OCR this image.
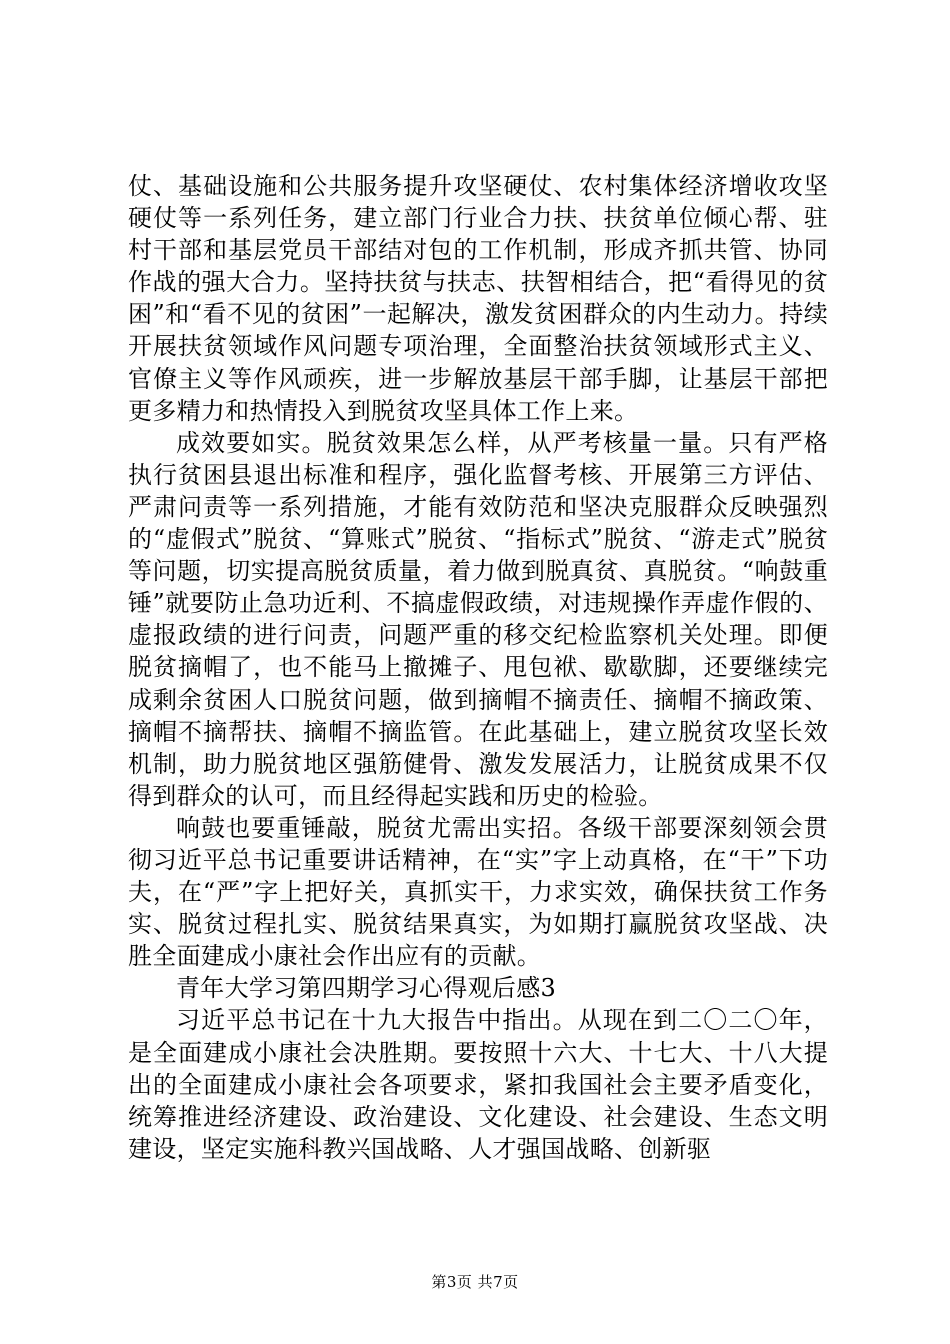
仗、基础设施和公共服务提升攻坚硬仗、农村集体经济增收攻坚硬仗等一系列任务，建立部门行业合力扶、扶贫单位倾心帮、驻村干部和基层党员干部结对包的工作机制，形成齐抓共管、协同作战的强大合力。坚持扶贫与扶志、扶智相结合，把“看得见的贫困”和“看不见的贫困”一起解决，激发贫困群众的内生动力。持续开展扶贫领域作风问题专项治理，全面整治扶贫领域形式主义、官僚主义等作风顽疾，进一步解放基层干部手脚，让基层干部把更多精力和热情投入到脱贫攻坚具体工作上来。

成效要如实。脱贫效果怎么样，从严考核量一量。只有严格执行贫困县退出标准和程序，强化监督考核、开展第三方评估、严肃问责等一系列措施，才能有效防范和坚决克服群众反映强烈的“虚假式”脱贫、“算账式”脱贫、“指标式”脱贫、“游走式”脱贫等问题，切实提高脱贫质量，着力做到脱真贫、真脱贫。“响鼓重锤”就要防止急功近利、不搞虚假政绩，对违规操作弄虚作假的、虚报政绩的进行问责，问题严重的移交纪检监察机关处理。即便脱贫摘帽了，也不能马上撤摊子、甩包袱、歇歇脚，还要继续完成剩余贫困人口脱贫问题，做到摘帽不摘责任、摘帽不摘政策、摘帽不摘帮扶、摘帽不摘监管。在此基础上，建立脱贫攻坚长效机制，助力脱贫地区强筋健骨、激发发展活力，让脱贫成果不仅得到群众的认可，而且经得起实践和历史的检验。

响鼓也要重锤敲，脱贫尤需出实招。各级干部要深刻领会贯彻习近平总书记重要讲话精神，在“实”字上动真格，在“干”下功夫，在“严”字上把好关，真抓实干，力求实效，确保扶贫工作务实、脱贫过程扎实、脱贫结果真实，为如期打赢脱贫攻坚战、决胜全面建成小康社会作出应有的贡献。

青年大学习第四期学习心得观后感3

习近平总书记在十九大报告中指出。从现在到二〇二〇年，是全面建成小康社会决胜期。要按照十六大、十七大、十八大提出的全面建成小康社会各项要求，紧扣我国社会主要矛盾变化，统筹推进经济建设、政治建设、文化建设、社会建设、生态文明建设，坚定实施科教兴国战略、人才强国战略、创新驱

第3页 共7页
